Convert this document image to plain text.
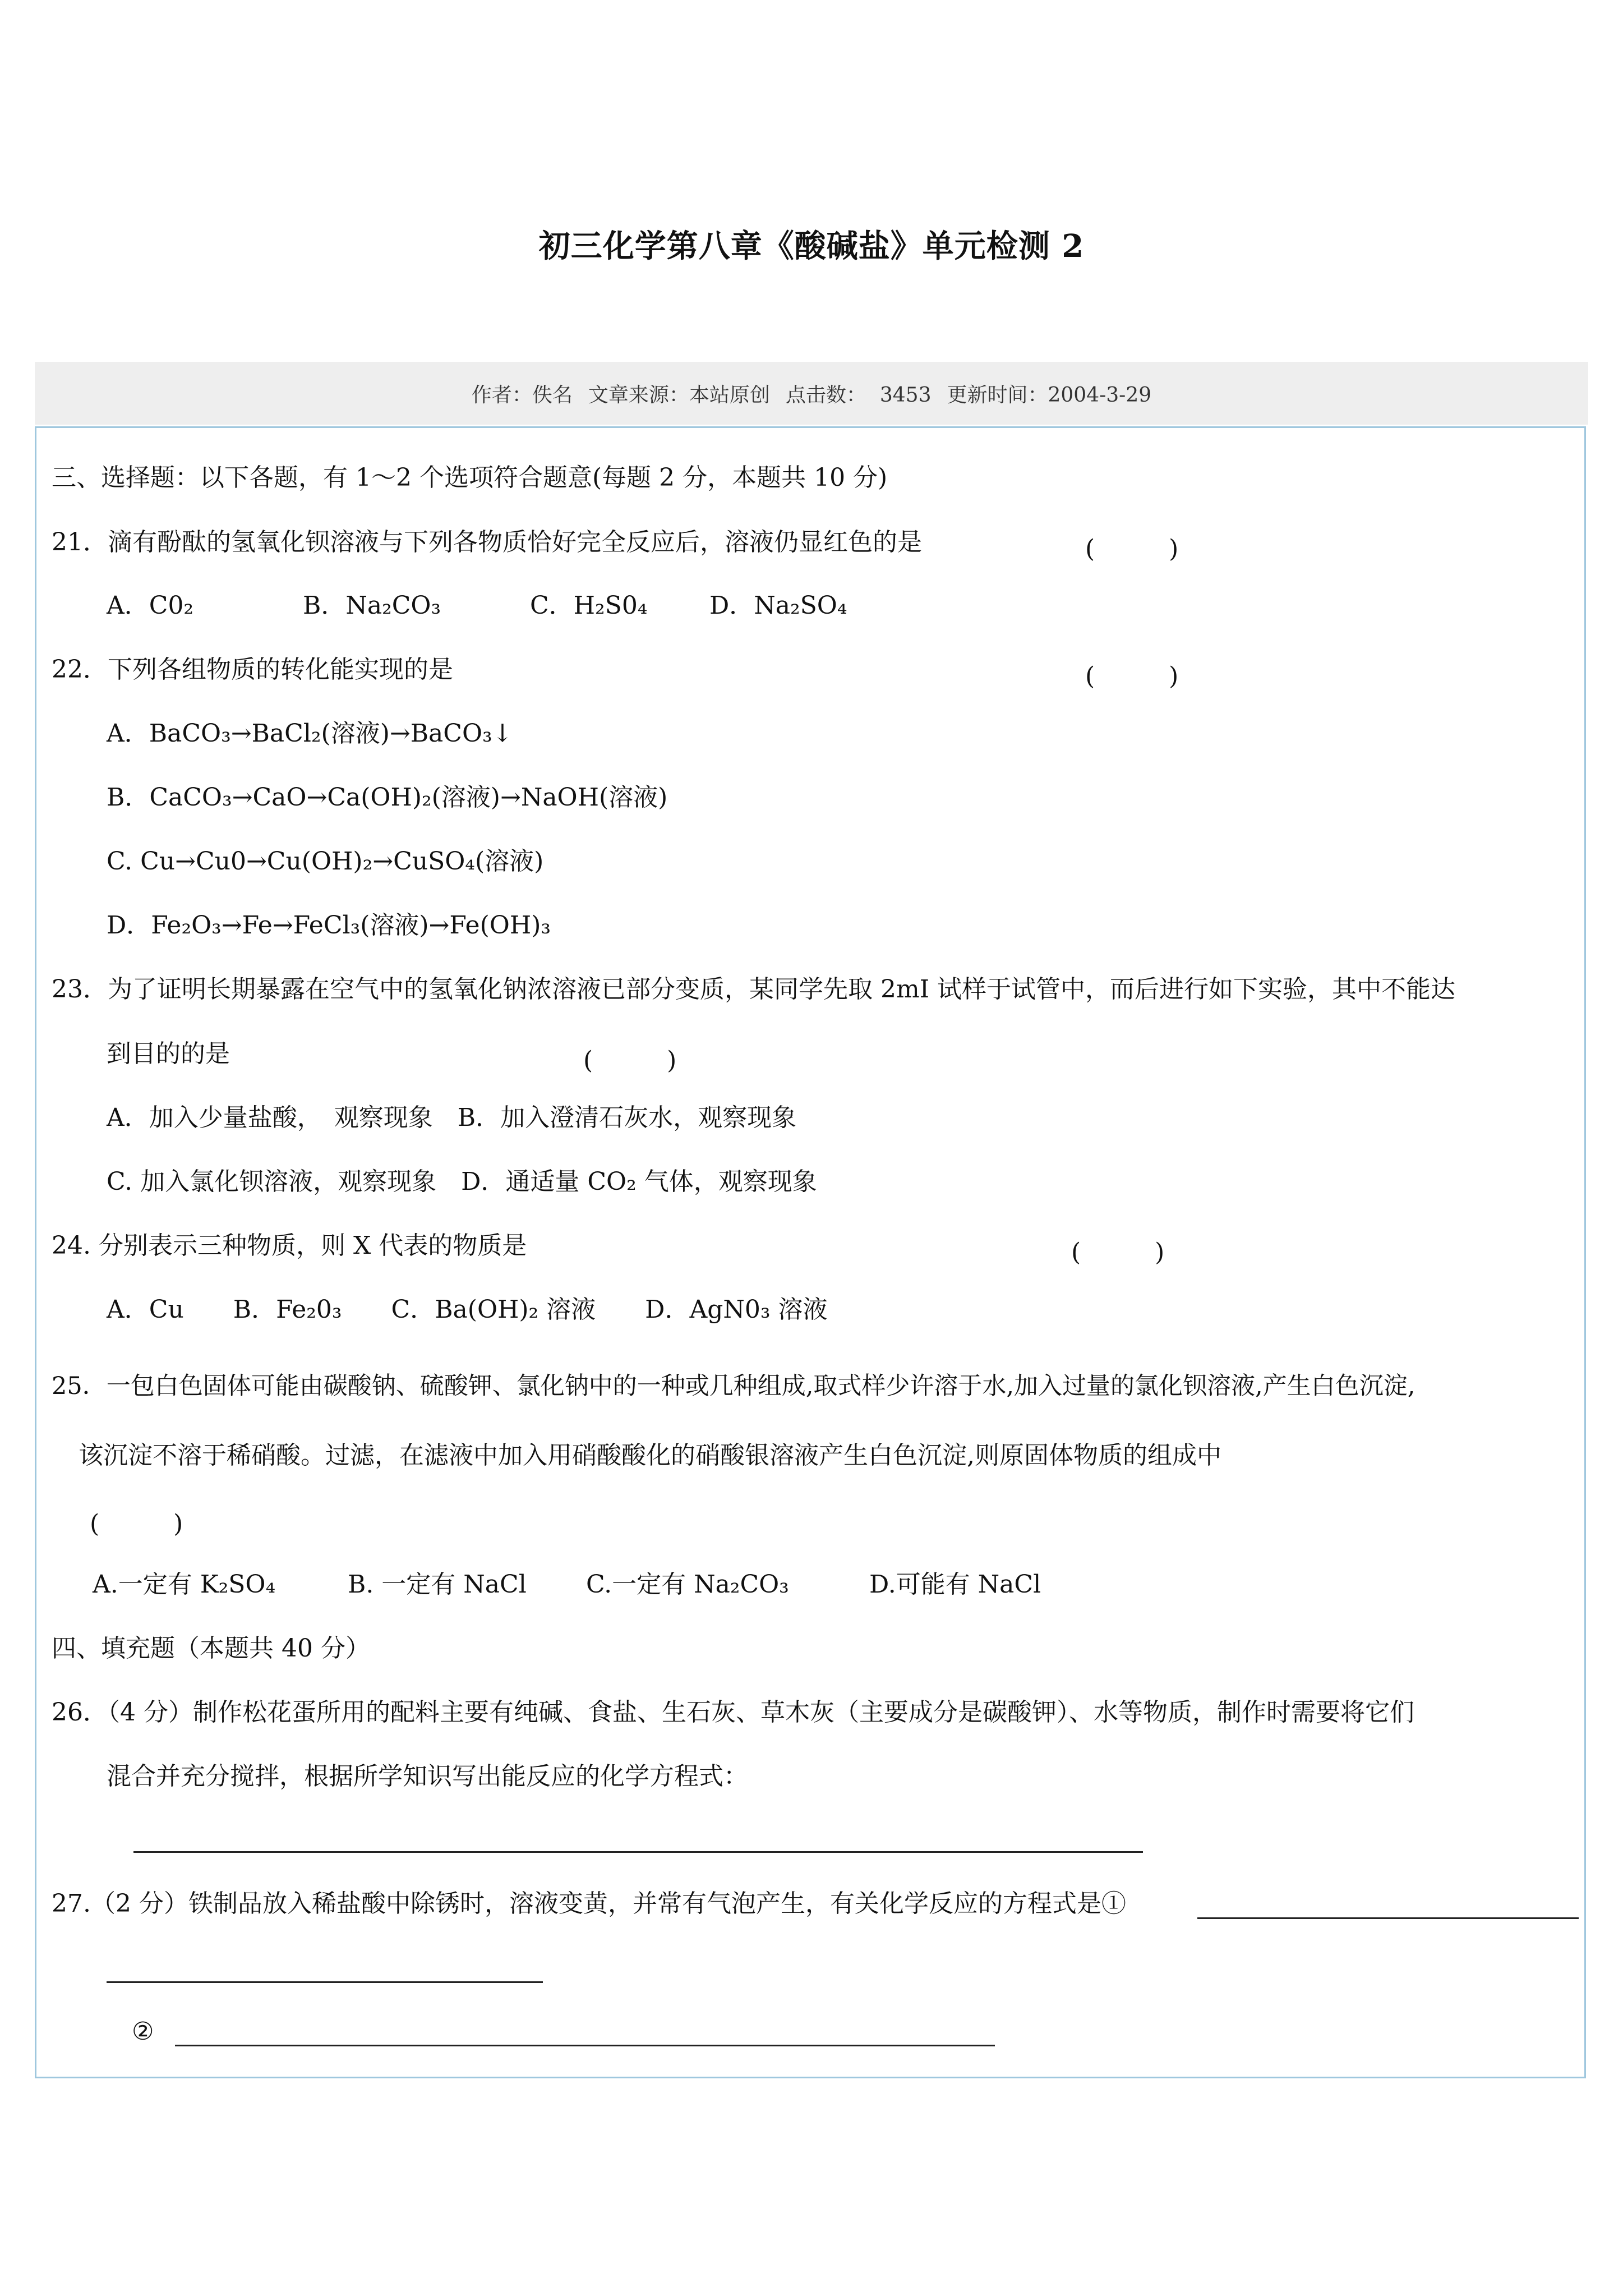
初三化学第八章《酸碱盐》单元检测 2
作者：佚名 文章来源：本站原创 点击数： 3453 更新时间：2004-3-29
三、选择题：以下各题，有 1～2 个选项符合题意(每题 2 分，本题共 10 分)
21．滴有酚酞的氢氧化钡溶液与下列各物质恰好完全反应后，溶液仍显红色的是	(　　　)
A．C0₂	B．Na₂CO₃	C．H₂S0₄	D．Na₂SO₄
22．下列各组物质的转化能实现的是	(　　　)
A．BaCO₃→BaCl₂(溶液)→BaCO₃↓
B．CaCO₃→CaO→Ca(OH)₂(溶液)→NaOH(溶液)
C. Cu→Cu0→Cu(OH)₂→CuSO₄(溶液)
D．Fe₂O₃→Fe→FeCl₃(溶液)→Fe(OH)₃
23．为了证明长期暴露在空气中的氢氧化钠浓溶液已部分变质，某同学先取 2mI 试样于试管中，而后进行如下实验，其中不能达
到目的的是	(　　　)
A．加入少量盐酸，　观察现象　B．加入澄清石灰水，观察现象
C. 加入氯化钡溶液，观察现象　D．通适量 CO₂ 气体，观察现象
24. 分别表示三种物质，则 X 代表的物质是	(　　　)
A．Cu　　B．Fe₂0₃　　C．Ba(OH)₂ 溶液　　D．AgN0₃ 溶液
25．一包白色固体可能由碳酸钠、硫酸钾、氯化钠中的一种或几种组成,取式样少许溶于水,加入过量的氯化钡溶液,产生白色沉淀,
该沉淀不溶于稀硝酸。过滤，在滤液中加入用硝酸酸化的硝酸银溶液产生白色沉淀,则原固体物质的组成中
(　　　)
A.一定有 K₂SO₄	B. 一定有 NaCl C.一定有 Na₂CO₃	D.可能有 NaCl
四、填充题（本题共 40 分）
26．（4 分）制作松花蛋所用的配料主要有纯碱、食盐、生石灰、草木灰（主要成分是碳酸钾）、水等物质，制作时需要将它们
混合并充分搅拌，根据所学知识写出能反应的化学方程式：
27.（2 分）铁制品放入稀盐酸中除锈时，溶液变黄，并常有气泡产生，有关化学反应的方程式是①
②
